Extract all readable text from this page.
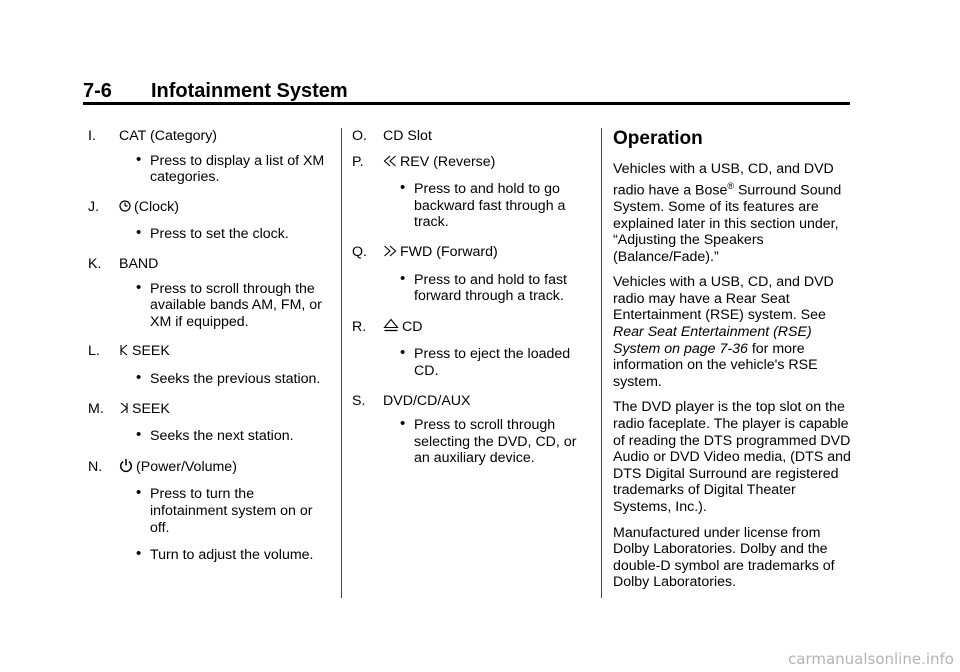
7-6 Infotainment System
I. CAT (Category)
• Press to display a list of XM categories.
J. (Clock)
• Press to set the clock.
K. BAND
• Press to scroll through the available bands AM, FM, or XM if equipped.
L. SEEK
• Seeks the previous station.
M. SEEK
• Seeks the next station.
N. (Power/Volume)
• Press to turn the infotainment system on or off.
• Turn to adjust the volume.
O. CD Slot
P.	REV (Reverse)
• Press to and hold to go backward fast through a track.
Q. FWD (Forward)
• Press to and hold to fast forward through a track.
R.	CD
• Press to eject the loaded CD.
S. DVD/CD/AUX
• Press to scroll through selecting the DVD, CD, or an auxiliary device.
Operation

Vehicles with a USB, CD, and DVD radio have a Bose® Surround Sound System. Some of its features are explained later in this section under, “Adjusting the Speakers (Balance/Fade).”

Vehicles with a USB, CD, and DVD radio may have a Rear Seat Entertainment (RSE) system. See Rear Seat Entertainment (RSE) System on page 7-36 for more information on the vehicle's RSE system.

The DVD player is the top slot on the radio faceplate. The player is capable of reading the DTS programmed DVD Audio or DVD Video media, (DTS and DTS Digital Surround are registered trademarks of Digital Theater Systems, Inc.).

Manufactured under license from Dolby Laboratories. Dolby and the double-D symbol are trademarks of Dolby Laboratories.

carmanualsonline.info
